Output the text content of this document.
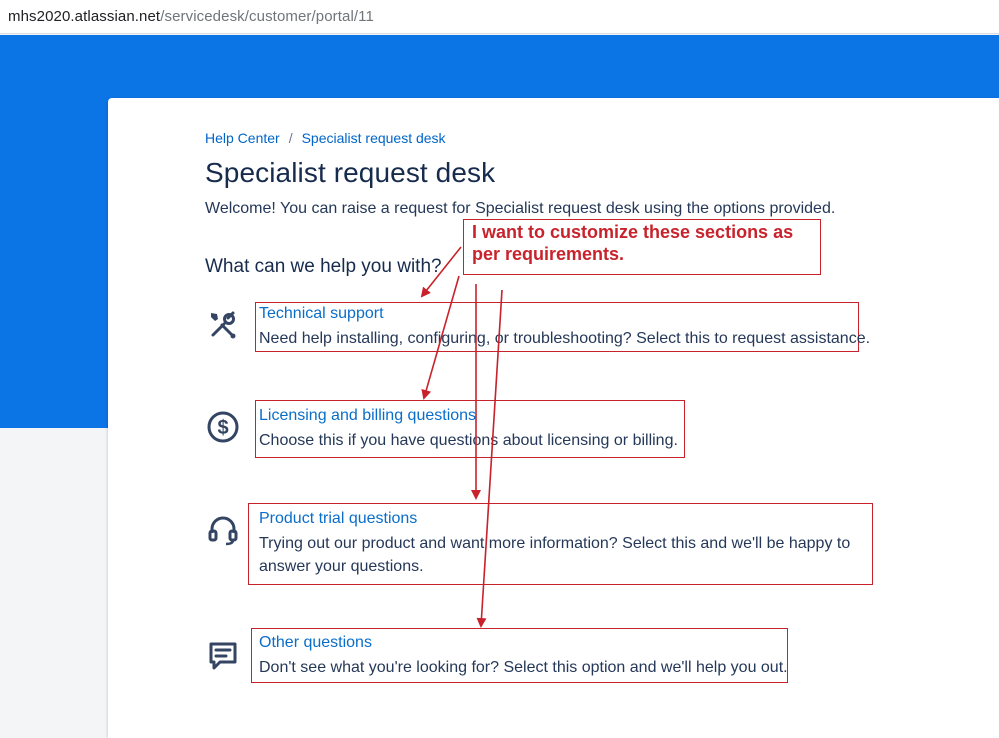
mhs2020.atlassian.net /servicedesk/customer/portal/11
Help Center / Specialist request desk
Specialist request desk

Welcome! You can raise a request for Specialist request desk using the options provided.

What can we help you with?
Technical support
Need help installing, configuring, or troubleshooting? Select this to request assistance.
$
Licensing and billing questions
Choose this if you have questions about licensing or billing.
Product trial questions
Trying out our product and want more information? Select this and we'll be happy to answer your questions.
Other questions
Don't see what you're looking for? Select this option and we'll help you out.
I want to customize these sections as per requirements.
